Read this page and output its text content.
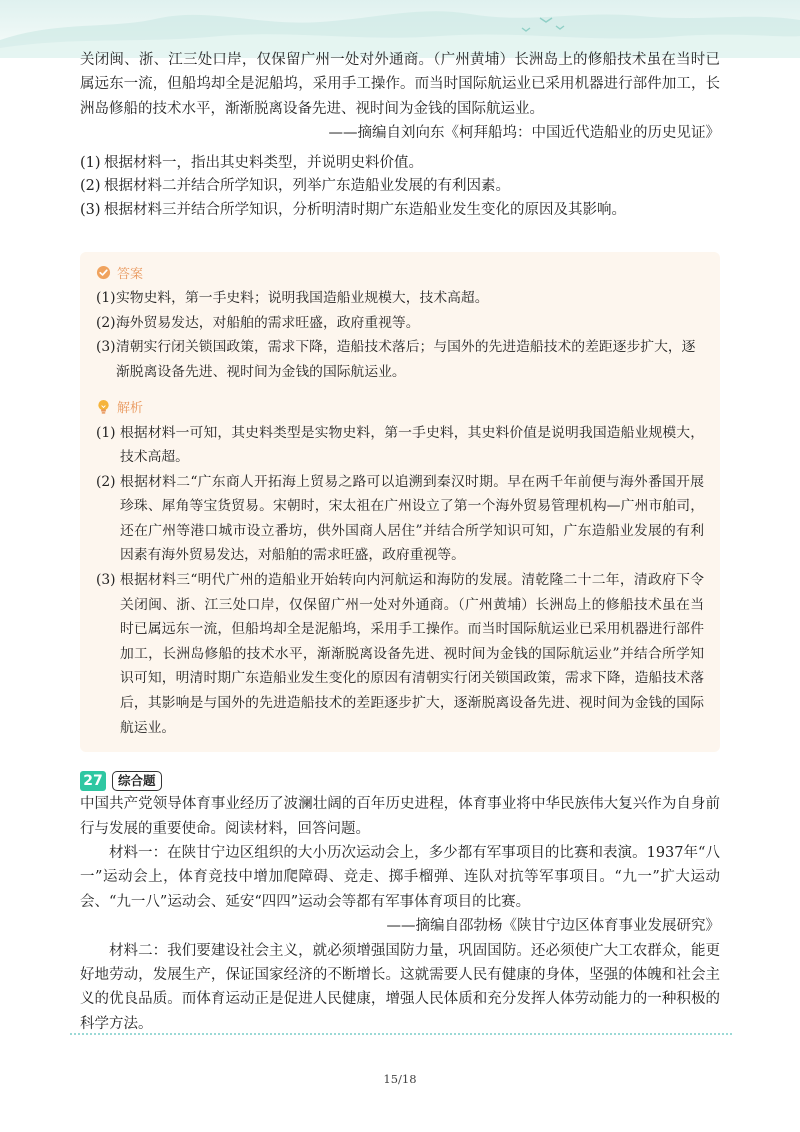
关闭闽、浙、江三处口岸，仅保留广州一处对外通商。（广州黄埔）长洲岛上的修船技术虽在当时已属远东一流，但船坞却全是泥船坞，采用手工操作。而当时国际航运业已采用机器进行部件加工，长洲岛修船的技术水平，渐渐脱离设备先进、视时间为金钱的国际航运业。

——摘编自刘向东《柯拜船坞：中国近代造船业的历史见证》

(1) 根据材料一，指出其史料类型，并说明史料价值。
(2) 根据材料二并结合所学知识，列举广东造船业发展的有利因素。
(3) 根据材料三并结合所学知识，分析明清时期广东造船业发生变化的原因及其影响。
答案
(1) 实物史料，第一手史料；说明我国造船业规模大，技术高超。
(2) 海外贸易发达，对船舶的需求旺盛，政府重视等。
(3) 清朝实行闭关锁国政策，需求下降，造船技术落后；与国外的先进造船技术的差距逐步扩大，逐渐脱离设备先进、视时间为金钱的国际航运业。
解析
(1) 根据材料一可知，其史料类型是实物史料，第一手史料，其史料价值是说明我国造船业规模大，技术高超。
(2) 根据材料二“广东商人开拓海上贸易之路可以追溯到秦汉时期。早在两千年前便与海外番国开展珍珠、犀角等宝货贸易。宋朝时，宋太祖在广州设立了第一个海外贸易管理机构—广州市舶司，还在广州等港口城市设立番坊，供外国商人居住”并结合所学知识可知，广东造船业发展的有利因素有海外贸易发达，对船舶的需求旺盛，政府重视等。
(3) 根据材料三“明代广州的造船业开始转向内河航运和海防的发展。清乾隆二十二年，清政府下令关闭闽、浙、江三处口岸，仅保留广州一处对外通商。（广州黄埔）长洲岛上的修船技术虽在当时已属远东一流，但船坞却全是泥船坞，采用手工操作。而当时国际航运业已采用机器进行部件加工，长洲岛修船的技术水平，渐渐脱离设备先进、视时间为金钱的国际航运业”并结合所学知识可知，明清时期广东造船业发生变化的原因有清朝实行闭关锁国政策，需求下降，造船技术落后，其影响是与国外的先进造船技术的差距逐步扩大，逐渐脱离设备先进、视时间为金钱的国际航运业。
27	综合题

中国共产党领导体育事业经历了波澜壮阔的百年历史进程，体育事业将中华民族伟大复兴作为自身前行与发展的重要使命。阅读材料，回答问题。

材料一：在陕甘宁边区组织的大小历次运动会上，多少都有军事项目的比赛和表演。1937年“八一”运动会上，体育竞技中增加爬障碍、竞走、掷手榴弹、连队对抗等军事项目。“九一”扩大运动会、“九一八”运动会、延安“四四”运动会等都有军事体育项目的比赛。

——摘编自邵勃杨《陕甘宁边区体育事业发展研究》

材料二：我们要建设社会主义，就必须增强国防力量，巩固国防。还必须使广大工农群众，能更好地劳动，发展生产，保证国家经济的不断增长。这就需要人民有健康的身体，坚强的体魄和社会主义的优良品质。而体育运动正是促进人民健康，增强人民体质和充分发挥人体劳动能力的一种积极的科学方法。

15/18
